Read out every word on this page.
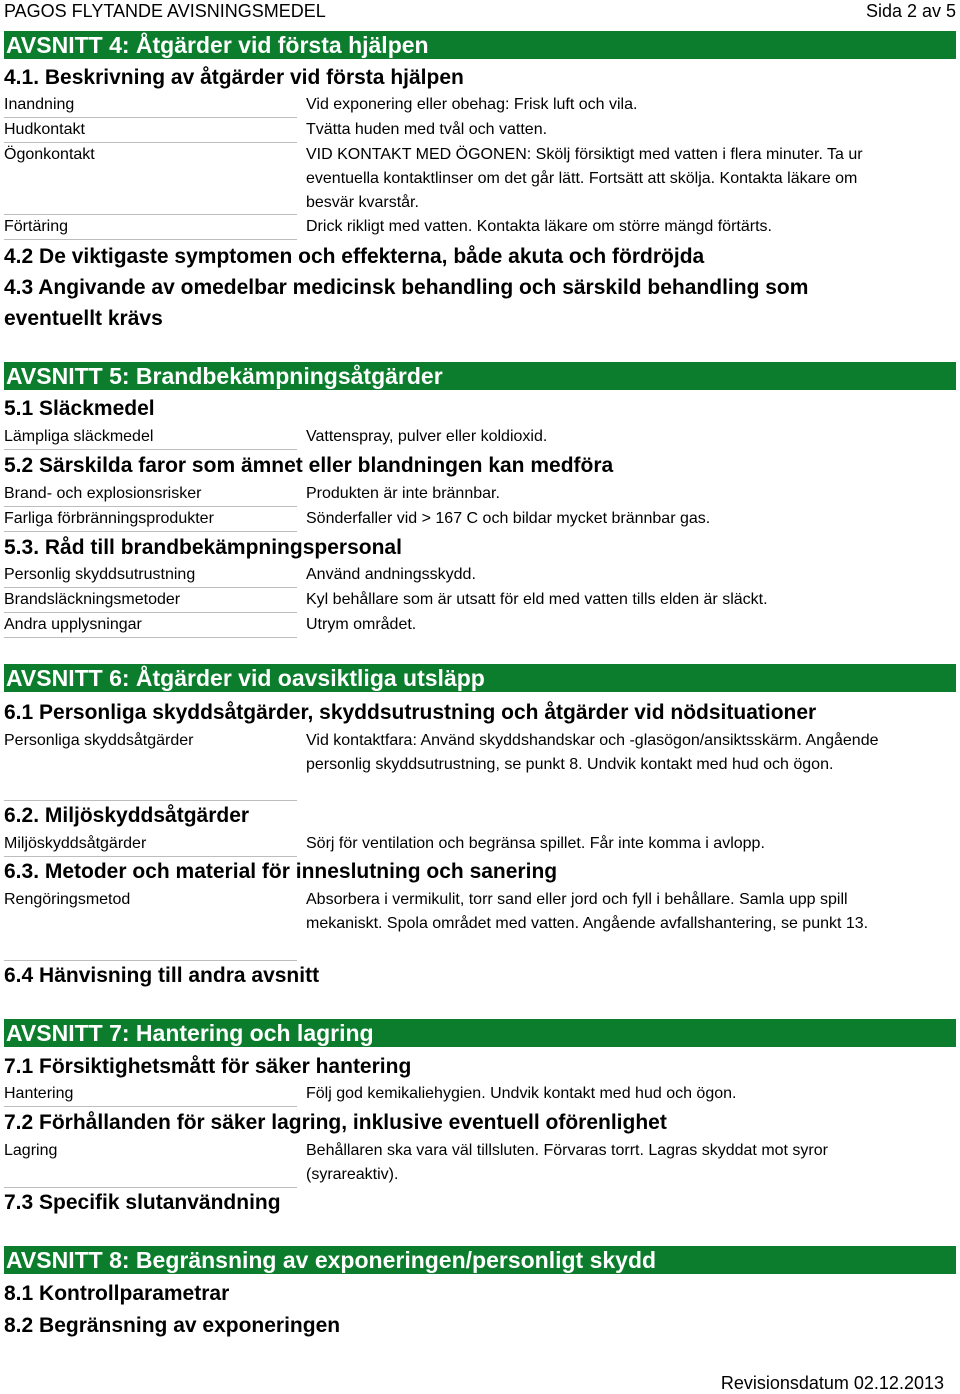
PAGOS FLYTANDE AVISNINGSMEDEL	Sida 2 av 5
AVSNITT 4: Åtgärder vid första hjälpen
4.1. Beskrivning av åtgärder vid första hjälpen
Inandning	Vid exponering eller obehag: Frisk luft och vila.
Hudkontakt	Tvätta huden med tvål och vatten.
Ögonkontakt	VID KONTAKT MED ÖGONEN: Skölj försiktigt med vatten i flera minuter. Ta ur eventuella kontaktlinser om det går lätt. Fortsätt att skölja. Kontakta läkare om besvär kvarstår.
Förtäring	Drick rikligt med vatten. Kontakta läkare om större mängd förtärts.
4.2 De viktigaste symptomen och effekterna, både akuta och fördröjda
4.3 Angivande av omedelbar medicinsk behandling och särskild behandling som eventuellt krävs
AVSNITT 5: Brandbekämpningsåtgärder
5.1 Släckmedel
Lämpliga släckmedel	Vattenspray, pulver eller koldioxid.
5.2 Särskilda faror som ämnet eller blandningen kan medföra
Brand- och explosionsrisker	Produkten är inte brännbar.
Farliga förbränningsprodukter	Sönderfaller vid > 167 C och bildar mycket brännbar gas.
5.3. Råd till brandbekämpningspersonal
Personlig skyddsutrustning	Använd andningsskydd.
Brandsläckningsmetoder	Kyl behållare som är utsatt för eld med vatten tills elden är släckt.
Andra upplysningar	Utrym området.
AVSNITT 6: Åtgärder vid oavsiktliga utsläpp
6.1 Personliga skyddsåtgärder, skyddsutrustning och åtgärder vid nödsituationer
Personliga skyddsåtgärder	Vid kontaktfara: Använd skyddshandskar och -glasögon/ansiktsskärm. Angående personlig skyddsutrustning, se punkt 8. Undvik kontakt med hud och ögon.
6.2. Miljöskyddsåtgärder
Miljöskyddsåtgärder	Sörj för ventilation och begränsa spillet. Får inte komma i avlopp.
6.3. Metoder och material för inneslutning och sanering
Rengöringsmetod	Absorbera i vermikulit, torr sand eller jord och fyll i behållare. Samla upp spill mekaniskt. Spola området med vatten. Angående avfallshantering, se punkt 13.
6.4 Hänvisning till andra avsnitt
AVSNITT 7: Hantering och lagring
7.1 Försiktighetsmått för säker hantering
Hantering	Följ god kemikaliehygien. Undvik kontakt med hud och ögon.
7.2 Förhållanden för säker lagring, inklusive eventuell oförenlighet
Lagring	Behållaren ska vara väl tillsluten. Förvaras torrt. Lagras skyddat mot syror (syrareaktiv).
7.3 Specifik slutanvändning
AVSNITT 8: Begränsning av exponeringen/personligt skydd
8.1 Kontrollparametrar
8.2 Begränsning av exponeringen
Revisionsdatum 02.12.2013
